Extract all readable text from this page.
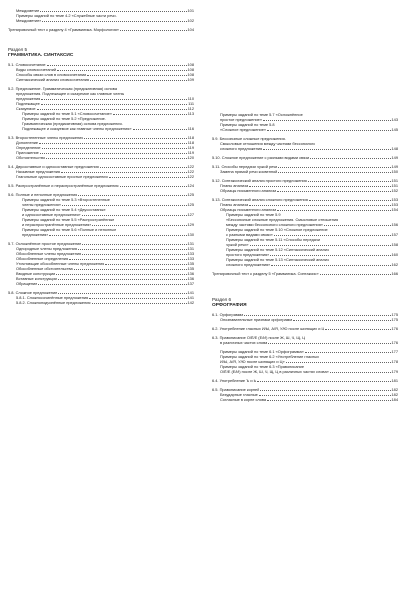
Междометие	101
Примеры заданий по теме 4.2 «Служебные части речи.
Междометие»	102
Тренировочный тест к разделу 4 «Грамматика. Морфология»	104
Раздел 5
ГРАММАТИКА. СИНТАКСИС
5.1. Словосочетание	108
Виды словосочетаний	108
Способы связи слов в словосочетании	108
Синтаксический анализ словосочетания	109
5.2. Предложение. Грамматическая (предикативная) основа
предложения. Подлежащее и сказуемое как главные члены
предложения	110
Подлежащее	111
Сказуемое	112
Примеры заданий по теме 5.1 «Словосочетание»	113
Примеры заданий по теме 5.2 «Предложение.
Грамматическая (предикативная) основа предложения.
Подлежащее и сказуемое как главные члены предложения»	116
5.3. Второстепенные члены предложения	118
Дополнение	118
Определение	119
Приложение	119
Обстоятельство	120
5.4. Двусоставные и односоставные предложения	122
Назывные предложения	122
Глагольные односоставные простые предложения	122
5.5. Распространённые и нераспространённые предложения	124
5.6. Полные и неполные предложения	125
Примеры заданий по теме 5.3 «Второстепенные
члены предложения»	125
Примеры заданий по теме 5.4 «Двусоставные
и односоставные предложения»	127
Примеры заданий по теме 5.5 «Распространённые
и нераспространённые предложения»	129
Примеры заданий по теме 5.6 «Полные и неполные
предложения»	130
5.7. Осложнённое простое предложение	131
Однородные члены предложения	131
Обособленные члены предложения	133
Обособленные определения	133
Уточняющие обособленные члены предложения	135
Обособленные обстоятельства	135
Вводные конструкции	136
Вставные конструкции	136
Обращение	137
5.8. Сложное предложение	141
5.8.1. Сложносочинённые предложения	141
5.8.2. Сложноподчинённые предложения	142
Примеры заданий по теме 5.7 «Осложнённое
простое предложение»	143
Примеры заданий по теме 5.8
«Сложное предложение»	145
5.9. Бессоюзные сложные предложения.
Смысловые отношения между частями бессоюзного
сложного предложения	148
5.10. Сложное предложение с разными видами связи	149
5.11. Способы передачи чужой речи	149
Замена прямой речи косвенной	150
5.12. Синтаксический анализ простого предложения	151
Планы анализа	151
Образцы письменного анализа	152
5.13. Синтаксический анализ сложного предложения	153
Планы анализа	153
Образцы письменного анализа	154
Примеры заданий по теме 5.9
«Бессоюзные сложные предложения. Смысловые отношения
между частями бессоюзного сложного предложения»	156
Примеры заданий по теме 5.10 «Сложное предложение
с разными видами связи»	157
Примеры заданий по теме 5.11 «Способы передачи
чужой речи»	158
Примеры заданий по теме 5.12 «Синтаксический анализ
простого предложения»	160
Примеры заданий по теме 5.13 «Синтаксический анализ
сложного предложения»	162
Тренировочный тест к разделу 5 «Грамматика. Синтаксис»	166
Раздел 6
ОРФОГРАФИЯ
6.1. Орфограмма	175
Опознавательные признаки орфограмм	175
6.2. Употребление гласных И/Ы, А/Я, У/Ю после шипящих и Ц	176
6.3. Правописание О/Ё/Е (Е/И) после Ж, Ш, Ч, Щ, Ц
в различных частях слова	176
Примеры заданий по теме 6.1 «Орфограмма»	177
Примеры заданий по теме 6.2 «Употребление гласных
И/Ы, А/Я, У/Ю после шипящих и Ц»	178
Примеры заданий по теме 6.3 «Правописание
О/Ё/Е (Е/И) после Ж, Ш, Ч, Щ, Ц в различных частях слова»	179
6.4. Употребление Ъ и Ь	181
6.5. Правописание корней	182
Безударные гласные	182
Согласные в корне слова	184
